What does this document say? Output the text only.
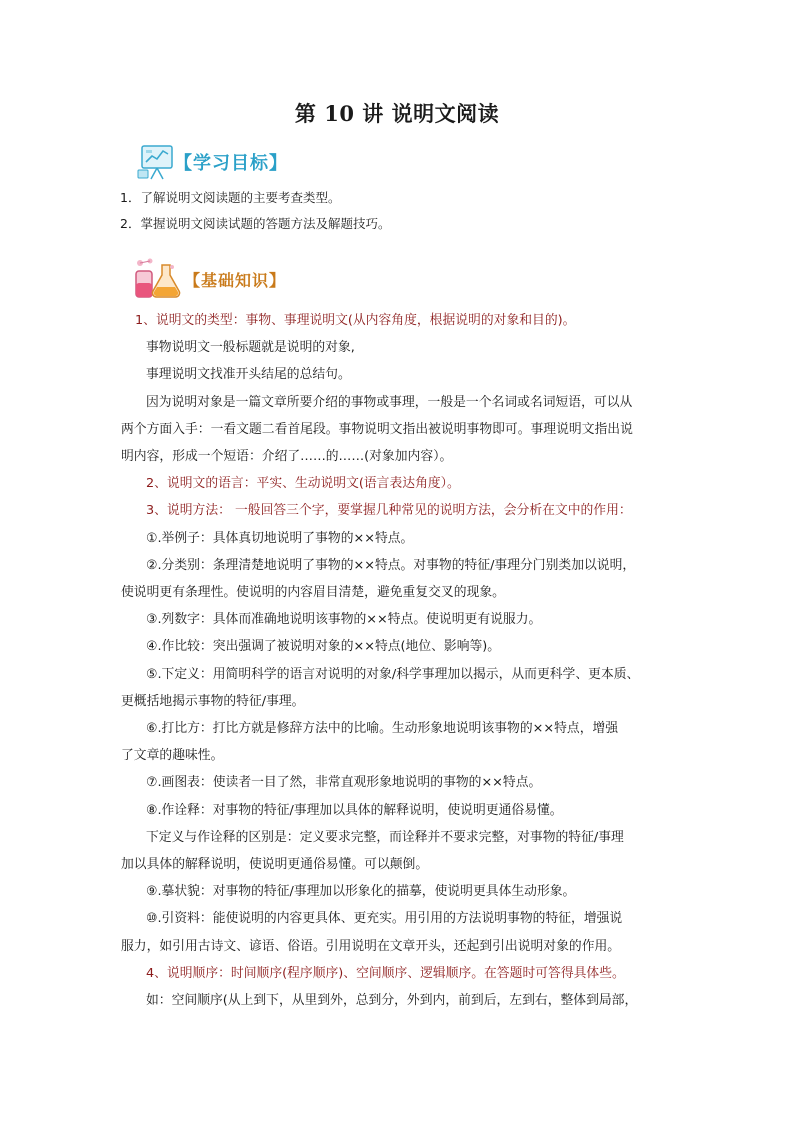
第 10 讲 说明文阅读
【学习目标】
1．了解说明文阅读题的主要考查类型。
2．掌握说明文阅读试题的答题方法及解题技巧。
【基础知识】

1、说明文的类型：事物、事理说明文(从内容角度，根据说明的对象和目的)。

事物说明文一般标题就是说明的对象,

事理说明文找准开头结尾的总结句。

因为说明对象是一篇文章所要介绍的事物或事理，一般是一个名词或名词短语，可以从

两个方面入手：一看文题二看首尾段。事物说明文指出被说明事物即可。事理说明文指出说

明内容，形成一个短语：介绍了……的……(对象加内容）。

2、说明文的语言：平实、生动说明文(语言表达角度）。

3、说明方法： 一般回答三个字，要掌握几种常见的说明方法，会分析在文中的作用：

①.举例子：具体真切地说明了事物的××特点。

②.分类别：条理清楚地说明了事物的××特点。对事物的特征/事理分门别类加以说明，

使说明更有条理性。使说明的内容眉目清楚，避免重复交叉的现象。

③.列数字：具体而准确地说明该事物的××特点。使说明更有说服力。

④.作比较：突出强调了被说明对象的××特点(地位、影响等)。

⑤.下定义：用简明科学的语言对说明的对象/科学事理加以揭示，从而更科学、更本质、

更概括地揭示事物的特征/事理。

⑥.打比方：打比方就是修辞方法中的比喻。生动形象地说明该事物的××特点，增强

了文章的趣味性。

⑦.画图表：使读者一目了然，非常直观形象地说明的事物的××特点。

⑧.作诠释：对事物的特征/事理加以具体的解释说明，使说明更通俗易懂。

下定义与作诠释的区别是：定义要求完整，而诠释并不要求完整，对事物的特征/事理

加以具体的解释说明，使说明更通俗易懂。可以颠倒。

⑨.摹状貌：对事物的特征/事理加以形象化的描摹，使说明更具体生动形象。

⑩.引资料：能使说明的内容更具体、更充实。用引用的方法说明事物的特征，增强说

服力，如引用古诗文、谚语、俗语。引用说明在文章开头，还起到引出说明对象的作用。

4、说明顺序：时间顺序(程序顺序)、空间顺序、逻辑顺序。在答题时可答得具体些。

如：空间顺序(从上到下，从里到外，总到分，外到内，前到后，左到右，整体到局部，
